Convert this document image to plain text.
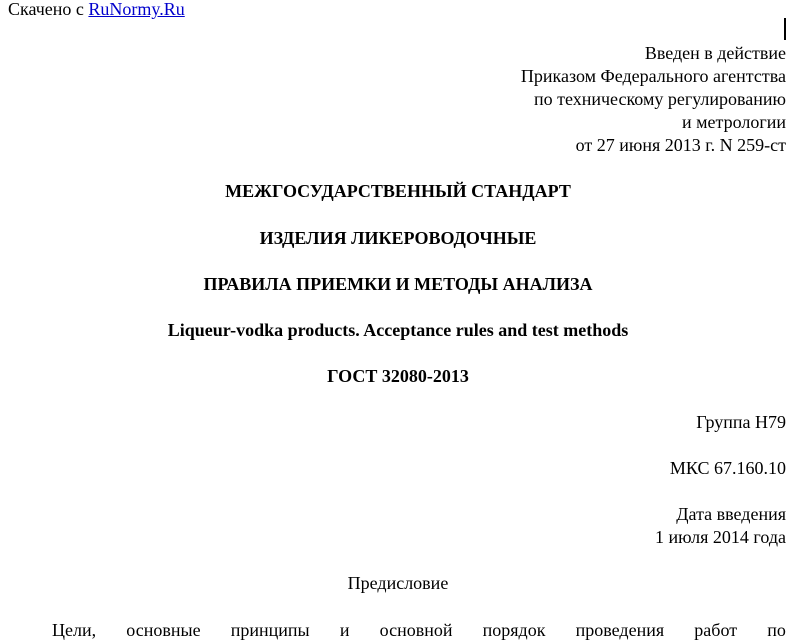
Скачено с RuNormy.Ru
Введен в действие
Приказом Федерального агентства
по техническому регулированию
и метрологии
от 27 июня 2013 г. N 259-ст
МЕЖГОСУДАРСТВЕННЫЙ СТАНДАРТ
ИЗДЕЛИЯ ЛИКЕРОВОДОЧНЫЕ
ПРАВИЛА ПРИЕМКИ И МЕТОДЫ АНАЛИЗА
Liqueur-vodka products. Acceptance rules and test methods
ГОСТ 32080-2013
Группа Н79
МКС 67.160.10
Дата введения
1 июля 2014 года
Предисловие
Цели, основные принципы и основной порядок проведения работ по
